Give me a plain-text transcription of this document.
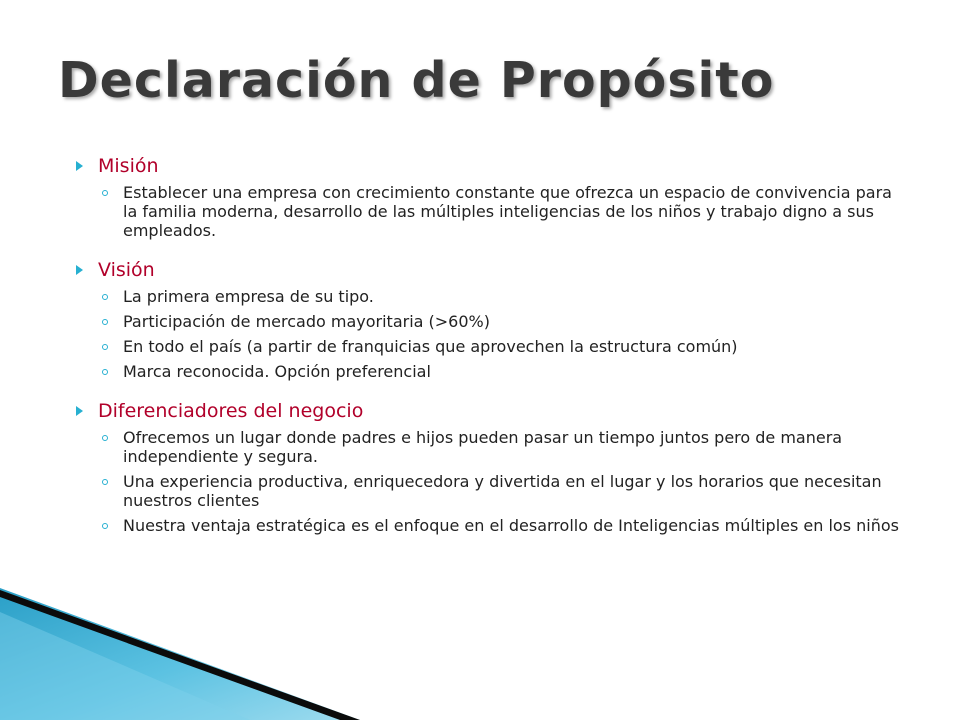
Declaración de Propósito
Misión
Establecer una empresa con crecimiento constante que ofrezca un espacio de convivencia para la familia moderna, desarrollo de las múltiples inteligencias de los niños y trabajo digno a sus empleados.
Visión
La primera empresa de su tipo.
Participación de mercado mayoritaria (>60%)
En todo el país (a partir de franquicias que aprovechen la estructura común)
Marca reconocida. Opción preferencial
Diferenciadores del negocio
Ofrecemos un lugar donde padres e hijos pueden pasar un tiempo juntos pero de manera independiente y segura.
Una experiencia productiva, enriquecedora y divertida en el lugar y los horarios que necesitan nuestros clientes
Nuestra ventaja estratégica es el enfoque en el desarrollo de Inteligencias múltiples en los niños
